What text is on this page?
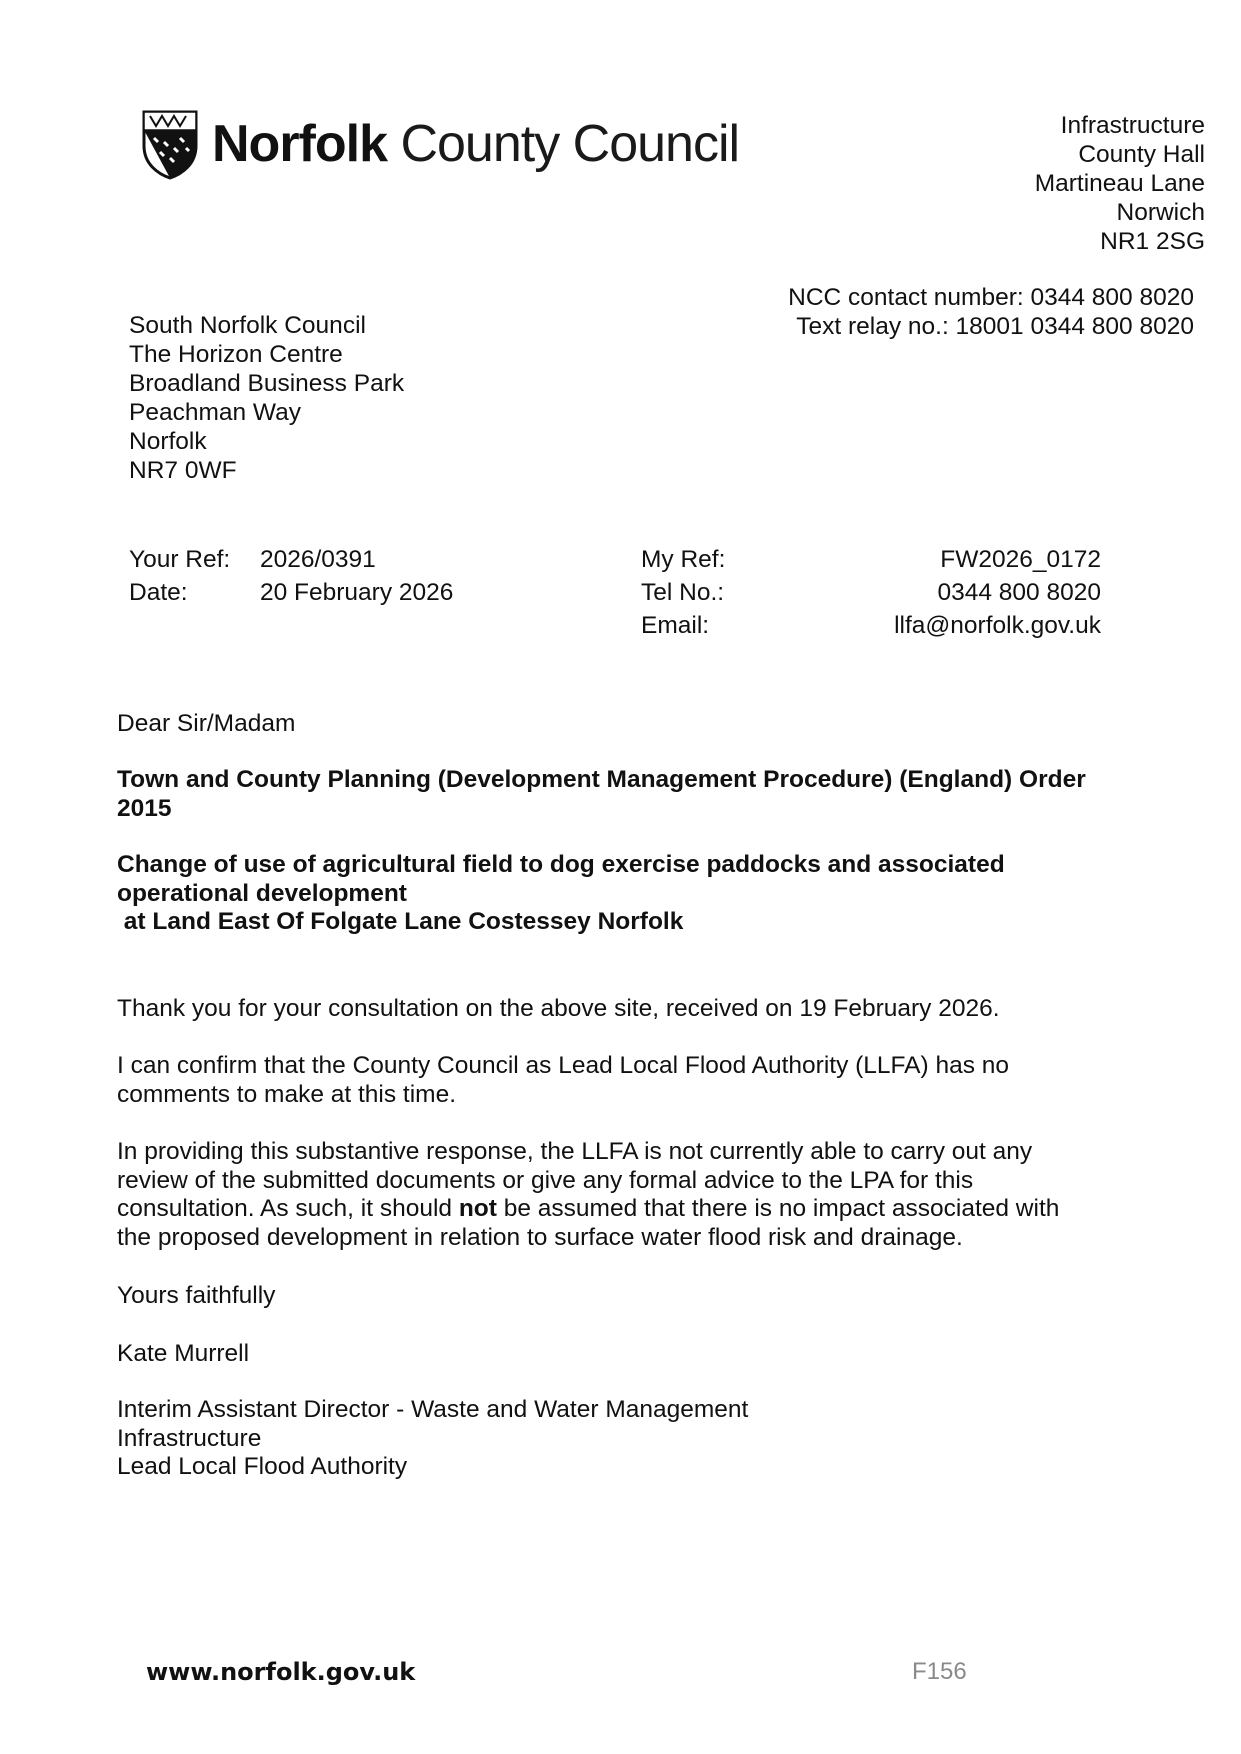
Norfolk County Council	Infrastructure
County Hall
Martineau Lane
Norwich
NR1 2SG
NCC contact number: 0344 800 8020
Text relay no.: 18001 0344 800 8020
South Norfolk Council
The Horizon Centre
Broadland Business Park
Peachman Way
Norfolk
NR7 0WF
Your Ref: 2026/0391
Date:	20 February 2026
My Ref:	FW2026_0172
Tel No.:	0344 800 8020
Email:	llfa@norfolk.gov.uk
Dear Sir/Madam
Town and County Planning (Development Management Procedure) (England) Order
2015
Change of use of agricultural field to dog exercise paddocks and associated
operational development
at Land East Of Folgate Lane Costessey Norfolk
Thank you for your consultation on the above site, received on 19 February 2026.
I can confirm that the County Council as Lead Local Flood Authority (LLFA) has no
comments to make at this time.
In providing this substantive response, the LLFA is not currently able to carry out any
review of the submitted documents or give any formal advice to the LPA for this
consultation. As such, it should not be assumed that there is no impact associated with
the proposed development in relation to surface water flood risk and drainage.
Yours faithfully
Kate Murrell
Interim Assistant Director - Waste and Water Management
Infrastructure
Lead Local Flood Authority
www.norfolk.gov.uk	F156
